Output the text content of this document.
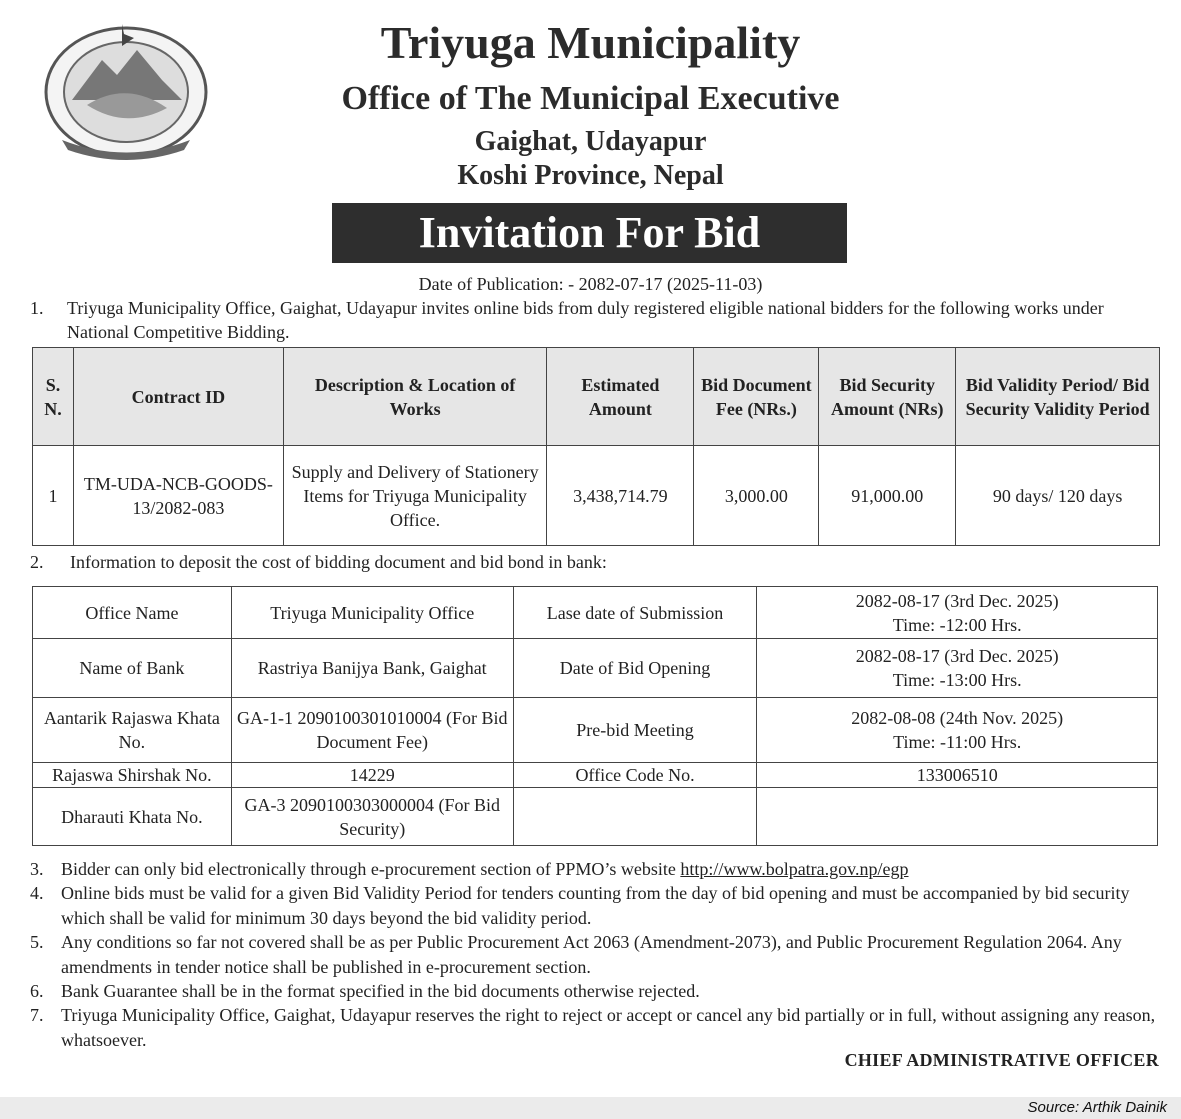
Triyuga Municipality
Office of The Municipal Executive
Gaighat, Udayapur
Koshi Province, Nepal
Invitation For Bid
Date of Publication: - 2082-07-17 (2025-11-03)
1.	Triyuga Municipality Office, Gaighat, Udayapur invites online bids from duly registered eligible national bidders for the following works under National Competitive Bidding.
S. N.	Contract ID	Description & Location of Works	Estimated Amount	Bid Document Fee (NRs.)	Bid Security Amount (NRs)	Bid Validity Period/ Bid Security Validity Period
1	TM-UDA-NCB-GOODS-13/2082-083	Supply and Delivery of Stationery Items for Triyuga Municipality Office.	3,438,714.79	3,000.00	91,000.00	90 days/ 120 days
2.	Information to deposit the cost of bidding document and bid bond in bank:
Office Name	Triyuga Municipality Office	Lase date of Submission	2082-08-17 (3rd Dec. 2025)
Time: -12:00 Hrs.

Name of Bank	Rastriya Banijya Bank, Gaighat	Date of Bid Opening	2082-08-17 (3rd Dec. 2025)
Time: -13:00 Hrs.

Aantarik Rajaswa Khata No.	GA-1-1 2090100301010004 (For Bid Document Fee)	Pre-bid Meeting	2082-08-08 (24th Nov. 2025)
Time: -11:00 Hrs.

Rajaswa Shirshak No.	14229	Office Code No.	133006510

Dharauti Khata No.	GA-3 2090100303000004 (For Bid Security)		
3. Bidder can only bid electronically through e-procurement section of PPMO’s website http://www.bolpatra.gov.np/egp
4. Online bids must be valid for a given Bid Validity Period for tenders counting from the day of bid opening and must be accompanied by bid security which shall be valid for minimum 30 days beyond the bid validity period.
5. Any conditions so far not covered shall be as per Public Procurement Act 2063 (Amendment-2073), and Public Procurement Regulation 2064. Any amendments in tender notice shall be published in e-procurement section.
6. Bank Guarantee shall be in the format specified in the bid documents otherwise rejected.
7. Triyuga Municipality Office, Gaighat, Udayapur reserves the right to reject or accept or cancel any bid partially or in full, without assigning any reason, whatsoever.
CHIEF ADMINISTRATIVE OFFICER
Source: Arthik Dainik
